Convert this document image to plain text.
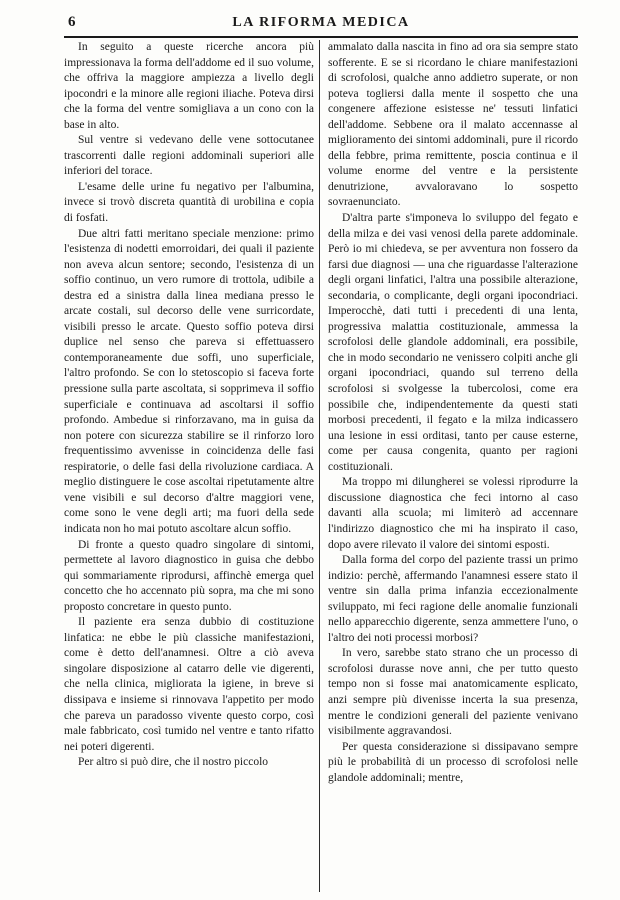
6	LA RIFORMA MEDICA

In seguito a queste ricerche ancora più impressionava la forma dell'addome ed il suo volume, che offriva la maggiore ampiezza a livello degli ipocondri e la minore alle regioni iliache. Poteva dirsi che la forma del ventre somigliava a un cono con la base in alto.

Sul ventre si vedevano delle vene sottocutanee trascorrenti dalle regioni addominali superiori alle inferiori del torace.

L'esame delle urine fu negativo per l'albumina, invece si trovò discreta quantità di urobilina e copia di fosfati.

Due altri fatti meritano speciale menzione: primo l'esistenza di nodetti emorroidari, dei quali il paziente non aveva alcun sentore; secondo, l'esistenza di un soffio continuo, un vero rumore di trottola, udibile a destra ed a sinistra dalla linea mediana presso le arcate costali, sul decorso delle vene surricordate, visibili presso le arcate. Questo soffio poteva dirsi duplice nel senso che pareva si effettuassero contemporaneamente due soffi, uno superficiale, l'altro profondo. Se con lo stetoscopio si faceva forte pressione sulla parte ascoltata, si sopprimeva il soffio superficiale e continuava ad ascoltarsi il soffio profondo. Ambedue si rinforzavano, ma in guisa da non potere con sicurezza stabilire se il rinforzo loro frequentissimo avvenisse in coincidenza delle fasi respiratorie, o delle fasi della rivoluzione cardiaca. A meglio distinguere le cose ascoltai ripetutamente altre vene visibili e sul decorso d'altre maggiori vene, come sono le vene degli arti; ma fuori della sede indicata non ho mai potuto ascoltare alcun soffio.

Di fronte a questo quadro singolare di sintomi, permettete al lavoro diagnostico in guisa che debbo qui sommariamente riprodursi, affinchè emerga quel concetto che ho accennato più sopra, ma che mi sono proposto concretare in questo punto.

Il paziente era senza dubbio di costituzione linfatica: ne ebbe le più classiche manifestazioni, come è detto dell'anamnesi. Oltre a ciò aveva singolare disposizione al catarro delle vie digerenti, che nella clinica, migliorata la igiene, in breve si dissipava e insieme si rinnovava l'appetito per modo che pareva un paradosso vivente questo corpo, così male fabbricato, così tumido nel ventre e tanto rifatto nei poteri digerenti.

Per altro si può dire, che il nostro piccolo

ammalato dalla nascita in fino ad ora sia sempre stato sofferente. E se si ricordano le chiare manifestazioni di scrofolosi, qualche anno addietro superate, or non poteva togliersi dalla mente il sospetto che una congenere affezione esistesse ne' tessuti linfatici dell'addome. Sebbene ora il malato accennasse al miglioramento dei sintomi addominali, pure il ricordo della febbre, prima remittente, poscia continua e il volume enorme del ventre e la persistente denutrizione, avvaloravano lo sospetto sovraenunciato.

D'altra parte s'imponeva lo sviluppo del fegato e della milza e dei vasi venosi della parete addominale. Però io mi chiedeva, se per avventura non fossero da farsi due diagnosi — una che riguardasse l'alterazione degli organi linfatici, l'altra una possibile alterazione, secondaria, o complicante, degli organi ipocondriaci. Imperocchè, dati tutti i precedenti di una lenta, progressiva malattia costituzionale, ammessa la scrofolosi delle glandole addominali, era possibile, che in modo secondario ne venissero colpiti anche gli organi ipocondriaci, quando sul terreno della scrofolosi si svolgesse la tubercolosi, come era possibile che, indipendentemente da questi stati morbosi precedenti, il fegato e la milza indicassero una lesione in essi orditasi, tanto per cause esterne, come per causa congenita, quanto per ragioni costituzionali.

Ma troppo mi dilungherei se volessi riprodurre la discussione diagnostica che feci intorno al caso davanti alla scuola; mi limiterò ad accennare l'indirizzo diagnostico che mi ha inspirato il caso, dopo avere rilevato il valore dei sintomi esposti.

Dalla forma del corpo del paziente trassi un primo indizio: perchè, affermando l'anamnesi essere stato il ventre sin dalla prima infanzia eccezionalmente sviluppato, mi feci ragione delle anomalie funzionali nello apparecchio digerente, senza ammettere l'uno, o l'altro dei noti processi morbosi?

In vero, sarebbe stato strano che un processo di scrofolosi durasse nove anni, che per tutto questo tempo non si fosse mai anatomicamente esplicato, anzi sempre più divenisse incerta la sua presenza, mentre le condizioni generali del paziente venivano visibilmente aggravandosi.

Per questa considerazione si dissipavano sempre più le probabilità di un processo di scrofolosi nelle glandole addominali; mentre,
